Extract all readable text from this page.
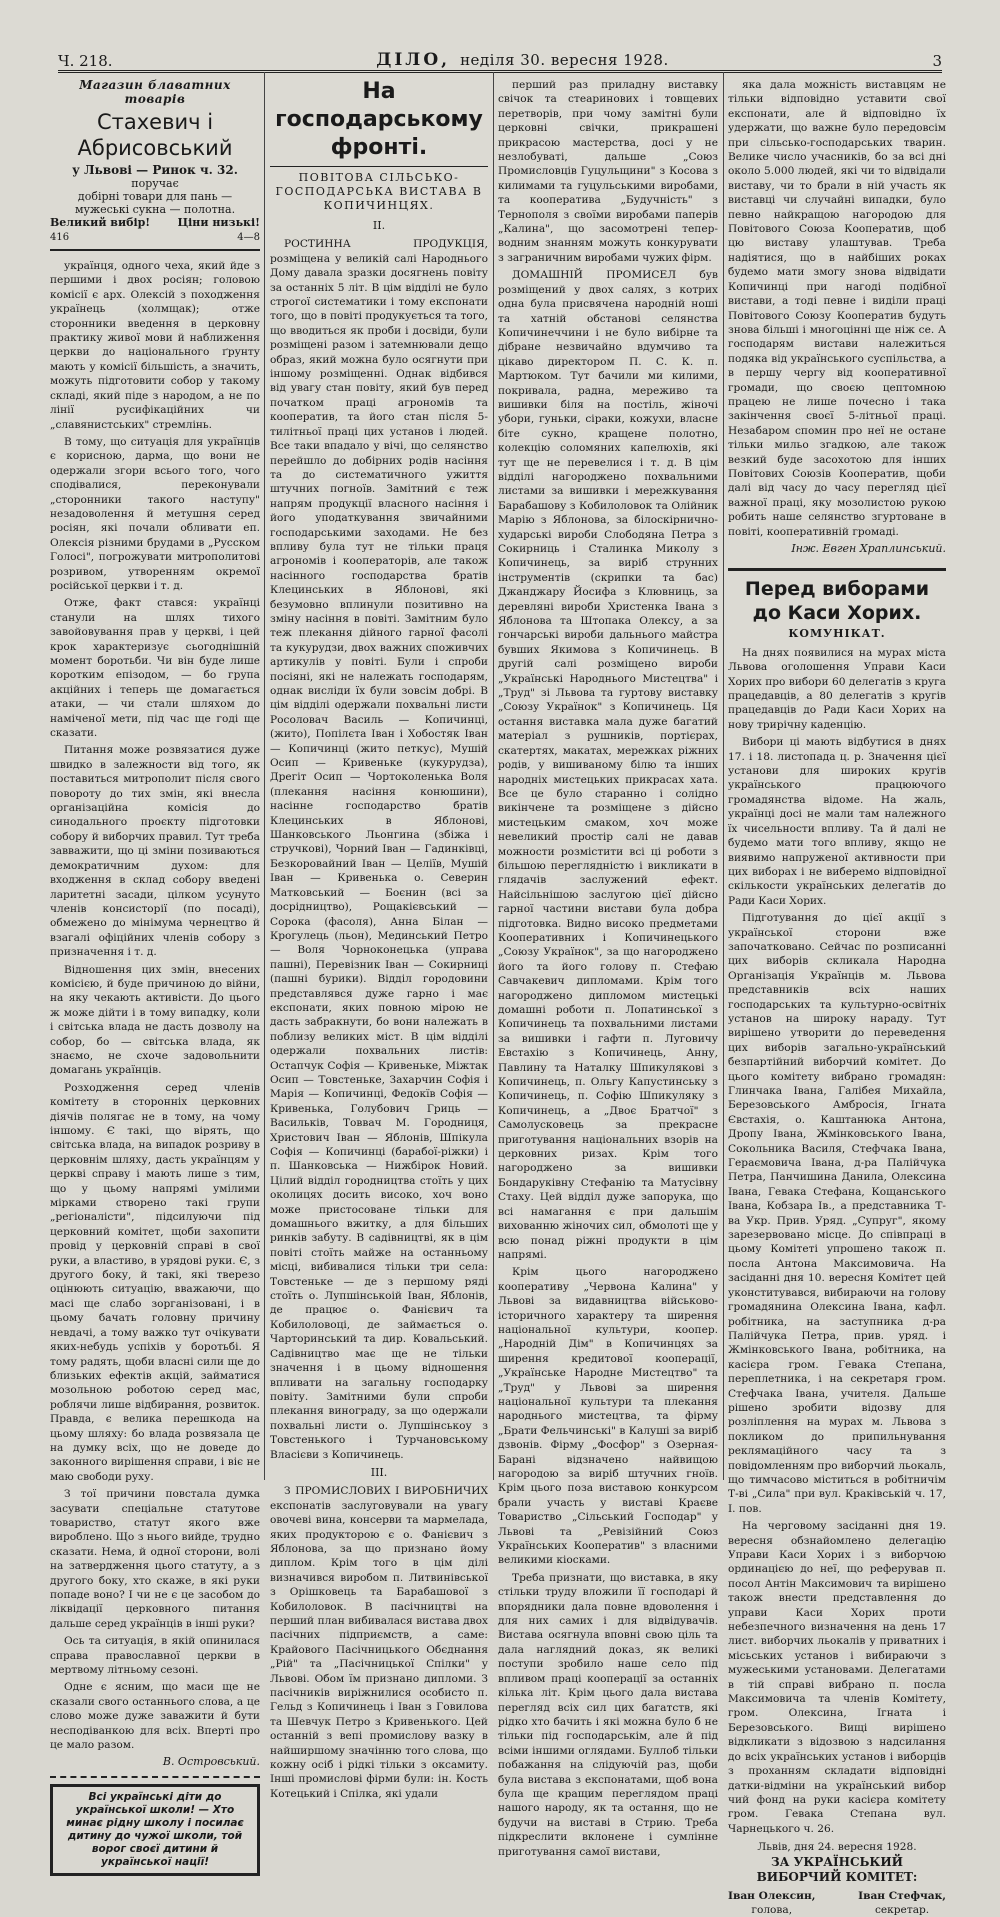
Ч. 218.	ДІЛО, неділя 30. вересня 1928.	3
Магазин блаватних товарів
Стахевич і Абрисовський
у Львові — Ринок ч. 32.
поручає
добірні товари для пань —
мужеські сукна — полотна.
Великий вибір! Ціни низькі!
416	4—8

українця, одного чеха, який йде з першими і двох росіян; головою комісії є арх. Олексій з походження українець (холмщак); отже сторонники введення в церковну практику живої мови й наближення церкви до національного ґрунту мають у комісії більшість, а значить, можуть підготовити собор у такому складі, який піде з народом, а не по лінії русифікаційних чи „славянистських" стремлінь.

В тому, що ситуація для українців є корисною, дарма, що вони не одержали згори всього того, чого сподівалися, переконували „сторонники такого наступу" незадоволення й метушня серед росіян, які почали обливати еп. Олексія різними брудами в „Русском Голосі", погрожувати митрополитові розривом, утворенням окремої російської церкви і т. д.

Отже, факт стався: українці станули на шлях тихого завойовування прав у церкві, і цей крок характеризує сьогоднішній момент боротьби. Чи він буде лише коротким епізодом, — бо група акційних і теперь ще домагається атаки, — чи стали шляхом до наміченої мети, під час ще годі ще сказати.

Питання може розвязатися дуже швидко в залежности від того, як поставиться митрополит після свого повороту до тих змін, які внесла організаційна комісія до синодального проєкту підготовки собору й виборчих правил. Тут треба завважити, що ці зміни позиваються демократичним духом: для входження в склад собору введені ларитетні засади, цілком усунуто членів консисторії (по посаді), обмежено до мінімума чернецтво й взагалі офіційних членів собору з призначення і т. д.

Відношення цих змін, внесених комісією, й буде причиною до війни, на яку чекають активісти. До цього ж може дійти і в тому випадку, коли і світська влада не дасть дозволу на собор, бо — світська влада, як знаємо, не схоче задовольнити домагань українців.

Розходження серед членів комітету в сторонніх церковних діячів полягає не в тому, на чому іншому. Є такі, що вірять, що світська влада, на випадок розриву в церковнім шляху, дасть українцям у церкві справу і мають лише з тим, що у цьому напрямі умілими мірками створено такі групи „регіоналісти", підсилуючи під церковний комітет, щоби захопити провід у церковній справі в свої руки, а властиво, в урядові руки. Є, з другого боку, й такі, які тверезо оцінюють ситуацію, вважаючи, що масі ще слабо зорганізовані, і в цьому бачать головну причину невдачі, а тому важко тут очікувати яких-небудь успіхів у боротьбі. Я тому радять, щоби власні сили ще до близьких ефектів акцій, займатися мозольною роботою серед мас, роблячи лише відбирання, розвиток. Правда, є велика перешкода на цьому шляху: бо влада розвязала це на думку всіх, що не доведе до законного вирішення справи, і віє не маю свободи руху.

З тої причини повстала думка засувати спеціальне статутове товариство, статут якого вже вироблено. Що з нього вийде, трудно сказати. Нема, й одної сторони, волі на затвердження цього статуту, а з другого боку, хто скаже, в які руки попаде воно? І чи не є це засобом до ліквідації церковного питання дальше серед українців в інші руки?

Ось та ситуація, в якій опинилася справа православної церкви в мертвому літньому сезоні.

Одне є ясним, що маси ще не сказали свого останнього слова, а це слово може дуже заважити й бути несподіванкою для всіх. Вперті про це мало разом.

В. Островський.
Всі українські діти до української школи! — Хто минає рідну школу і посилає дитину до чужої школи, той ворог своєї дитини й української нації!
На господарському фронті.
ПОВІТОВА СІЛЬСЬКО-ГОСПОДАРСЬКА ВИСТАВА В КОПИЧИНЦЯХ.
II.

РОСТИННА ПРОДУКЦІЯ, розміщена у великій салі Народнього Дому давала зразки досягнень повіту за останніх 5 літ. В цім відділі не було строгої систематики і тому експонати того, що в повіті продукується та того, що вводиться як проби і досвіди, були розміщені разом і затемнювали дещо образ, який можна було осягнути при іншому розміщенні. Однак відбився від увагу стан повіту, який був перед початком праці агрономів та кооператив, та його стан після 5-тилітньої праці цих установ і людей. Все таки впадало у вічі, що селянство перейшло до добірних родів насіння та до систематичного ужиття штучних погноїв. Замітний є теж напрям продукції власного насіння і його уподаткування звичайними господарськими заходами. Не без впливу була тут не тільки праця агрономів і кооператорів, але також насінного господарства братів Клецинських в Яблонові, які безумовно вплинули позитивно на зміну насіння в повіті. Замітним було теж плекання дійного гарної фасолі та кукурудзи, двох важних споживчих артикулів у повіті. Були і спроби посіяні, які не належать господарям, однак висліди їх були зовсім добрі. В цім відділі одержали похвальні листи Росоловач Василь — Копичинці, (жито), Попілєта Іван і Хобостяк Іван — Копичинці (жито петкус), Мушій Осип — Кривеньке (кукурудза), Дрегіт Осип — Чортоколенька Воля (плекання насіння конюшини), насінне господарство братів Клецинських в Яблонові, Шанковського Льонгина (збіжа і стручкові), Чорний Іван — Гадинківці, Безкоровайний Іван — Целіїв, Мушій Іван — Кривенька о. Северин Матковський — Боєнин (всі за досрідництво), Рощакієвський — Сорока (фасоля), Анна Білан — Крогулець (льон), Мединський Петро — Воля Чорноконецька (управа пашні), Перевізник Іван — Сокирниці (пашні бурики). Відділ городовини представлявся дуже гарно і має експонати, яких повною мірою не дасть забракнути, бо вони належать в поблизу великих міст. В цім відділі одержали похвальних листів: Остапчук Софія — Кривеньке, Міжтак Осип — Товстеньке, Захарчин Софія і Марія — Копичинці, Федокїв Софія — Кривенька, Голубович Гриць — Васильків, Товвач М. Городниця, Христович Іван — Яблонів, Шпікула Софія — Копичинці (барабої-ріжки) і п. Шанковська — Нижбірок Новий. Цілий відділ городництва стоїть у цих околицях досить високо, хоч воно може пристосоване тільки для домашнього вжитку, а для більших ринків забуту. В садівництві, як в цім повіті стоїть майже на останньому місці, вибивалися тільки три села: Товстеньке — де з першому ряді стоїть о. Лупшінськоій Іван, Яблонів, де працює о. Фанієвич та Кобилоловоці, де займається о. Чарторинський та дир. Ковальський. Садівництво має ще не тільки значення і в цьому відношення впливати на загальну господарку повіту. Замітними були спроби плекання винограду, за що одержали похвальні листи о. Лупшінськоу з Товстенького і Турчановському Власієви з Копичинець.

III.

З ПРОМИСЛОВИХ І ВИРОБНИЧИХ експонатів заслуговували на увагу овочеві вина, консерви та мармелада, яких продукторою є о. Фанієвич з Яблонова, за що признано йому диплом. Крім того в цім ділі визначився виробом п. Литвинівської з Орішковець та Барабашової з Кобилоловок. В пасічництві на перший план вибивалася вистава двох пасічних підприємств, а саме: Крайового Пасічницького Обєднання „Рій" та „Пасічницької Спілки" у Львові. Обом їм признано дипломи. З пасічників виріжнилися особисто п. Гельд з Копичинець і Іван з Говилова та Шевчук Петро з Кривенького. Цей останній з вепі промислову вазку в найширшому значінню того слова, що кожну осіб і рідкі тільки з оксамиту. Інші промислові фірми були: ін. Кость Котецький і Спілка, які удали

перший раз приладну виставку свічок та стеаринових і товщевих перетворів, при чому замітні були церковні свічки, прикрашені прикрасою мастерства, досі у не незлобуваті, дальше „Союз Промисловців Гуцульщини" з Косова з килимами та гуцульськими виробами, та кооператива „Будучність" з Тернополя з своїми виробами паперів „Калина", що засомотрені тепер-водним знанням можуть конкурувати з заграничним виробами чужих фірм.

ДОМАШНІЙ ПРОМИСЕЛ був розміщений у двох салях, з котрих одна була присвячена народній ноші та хатній обстанові селянства Копичинеччини і не було вибірне та дібране незвичайно вдумчиво та цікаво директором П. С. К. п. Мартюком. Тут бачили ми килими, покривала, радна, мереживо та вишивки біля на постіль, жіночі убори, гуньки, сіраки, кожухи, власне біте сукно, кращене полотно, колекцію соломяних капелюхів, які тут ще не перевелися і т. д. В цім відділі нагороджено похвальними листами за вишивки і мережкування Барабашову з Кобилоловок та Олійник Марію з Яблонова, за білоскірнично-хударські вироби Слободяна Петра з Сокирниць і Сталинка Миколу з Копичинець, за виріб струнних інструментів (скрипки та бас) Джанджару Йосифа з Клювниць, за деревляні вироби Христенка Івана з Яблонова та Штопака Олексу, а за гончарські вироби дальнього майстра бувших Якимова з Копичинець. В другій салі розміщено вироби „Українські Народнього Мистецтва" і „Труд" зі Львова та гуртову виставку „Союзу Українок" з Копичинець. Ця остання виставка мала дуже багатий матеріал з рушників, портієрах, скатертях, макатах, мережках ріжних родів, у вишиваному білю та інших народніх мистецьких прикрасах хата. Все це було старанно і солідно викінчене та розміщене з дійсно мистецьким смаком, хоч може невеликий простір салі не давав можности розмістити всі ці роботи з більшою переглядністю і викликати в глядачів заслужений ефект. Найсільнішою заслугою цієї дійсно гарної частини вистави була добра підготовка. Видно високо предметами Кооперативних і Копичинецького „Союзу Українок", за що нагороджено його та його голову п. Стефаю Савчакевич дипломами. Крім того нагороджено дипломом мистецькі домашні роботи п. Лопатинської з Копичинець та похвальними листами за вишивки і гафти п. Луговичу Евстахію з Копичинець, Анну, Павлину та Наталку Шпикулякові з Копичинець, п. Ольгу Капустинську з Копичинець, п. Софію Шпикуляку з Копичинець, а „Двоє Братчої" з Самолусковець за прекрасне приготування національних взорів на церковних ризах. Крім того нагороджено за вишивки Бондаруківну Стефанію та Матусівну Стаху. Цей відділ дуже запорука, що всі намагання є при дальшім вихованню жіночих сил, обмолоті ще у всю понад ріжні продукти в цім напрямі.

Крім цього нагороджено кооперативу „Червона Калина" у Львові за видавництва військово-історичного характеру та ширення національної культури, коопер. „Народній Дім" в Копичинцях за ширення кредитової кооперації, „Українське Народне Мистецтво" та „Труд" у Львові за ширення національної культури та плекання народнього мистецтва, та фірму „Брати Фельчинські" в Калуші за виріб дзвонів. Фірму „Фосфор" з Озерная-Барані відзначено найвищою нагородою за виріб штучних гноїв. Крім цього поза виставою конкурсом брали участь у виставі Краєве Товариство „Сільський Господар" у Львові та „Ревізійний Союз Українських Кооператив" з власними великими кіосками.

Треба признати, що виставка, в яку стільки труду вложили її господарі й впорядники дала повне вдоволення і для них самих і для відвідувачів. Вистава осягнула вповні свою ціль та дала наглядний доказ, як великі поступи зробило наше село під впливом праці кооперації за останніх кілька літ. Крім цього дала вистава перегляд всіх сил цих багатств, які рідко хто бачить і які можна було б не тільки під господарськім, але й під всіми іншими оглядами. Буллоб тільки побажання на слідуючій раз, щоби була вистава з експонатами, щоб вона була ще кращим переглядом праці нашого народу, як та остання, що не будучи на виставі в Стрию. Треба підкреслити вклонене і сумлінне приготування самої вистави,

яка дала можність виставцям не тільки відповідно уставити свої експонати, але й відповідно їх удержати, що важне було передовсім при сільсько-господарських тварин. Велике число учасників, бо за всі дні около 5.000 людей, які чи то відвідали виставу, чи то брали в ній участь як виставці чи случайні випадки, було певно найкращою нагородою для Повітового Союза Кооператив, щоб цю виставу улаштував. Треба надіятися, що в найбіших роках будемо мати змогу знова відвідати Копичинці при нагоді подібної вистави, а тоді певне і виділи праці Повітового Союзу Кооператив будуть знова більші і многоцінні ще ніж се. А господарям вистави належиться подяка від українського суспільства, а в першу чергу від кооперативної громади, що своєю цептомною працею не лише почесно і така закінчення своєї 5-літньої праці. Незабаром спомин про неї не остане тільки мильо згадкою, але також везкий буде засохотою для інших Повітових Союзів Кооператив, щоби далі від часу до часу перегляд цієї важної праці, яку мозолистою рукою робить наше селянство згуртоване в повіті, кооперативній громаді.

Інж. Евген Храплинський.
Перед виборами до Каси Хорих.
КОМУНІКАТ.

На днях появилися на мурах міста Львова оголошення Управи Каси Хорих про вибори 60 делегатів з круга працедавців, а 80 делегатів з кругів працедавців до Ради Каси Хорих на нову трирічну каденцію.

Вибори ці мають відбутися в днях 17. і 18. листопада ц. р. Значення цієї установи для широких кругів українського працюючого громадянства відоме. На жаль, українці досі не мали там належного їх чисельности впливу. Та й далі не будемо мати того впливу, якщо не виявимо напруженої активности при цих виборах і не виберемо відповідної скількости українських делегатів до Ради Каси Хорих.

Підготування до цієї акції з української сторони вже започатковано. Сейчас по розписанні цих виборів скликала Народна Організація Українців м. Львова представників всіх наших господарських та культурно-освітніх установ на широку нараду. Тут вирішено утворити до переведення цих виборів загально-український безпартійний виборчий комітет. До цього комітету вибрано громадян: Глинчака Івана, Галібея Михайла, Березовського Амбросія, Ігната Євстахія, о. Каштанюка Антона, Дропу Івана, Жмінковського Івана, Сокольника Василя, Стефчака Івана, Гераємовича Івана, д-ра Палійчука Петра, Панчишина Данила, Олексина Івана, Гевака Стефана, Кощанського Івана, Кобзара Ів., а представника Т-ва Укр. Прив. Уряд. „Супруг", якому зарезервовано місце. До співпраці в цьому Комітеті упрошено також п. посла Антона Максимовича. На засіданні дня 10. вересня Комітет цей уконститувався, вибираючи на голову громадянина Олексина Івана, кафл. робітника, на заступника д-ра Палійчука Петра, прив. уряд. і Жмінковського Івана, робітника, на касієра гром. Гевака Степана, переплетника, і на секретаря гром. Стефчака Івана, учителя. Дальше рішено зробити відозву для розліплення на мурах м. Львова з покликом до припильнування реклямаційного часу та з повідомленням про виборчий льокаль, що тимчасово міститься в робітничім Т-ві „Сила" при вул. Краківській ч. 17, I. пов.

На черговому засіданні дня 19. вересня обзнайомлено делегацію Управи Каси Хорих і з виборчою ординацією до неї, що реферував п. посол Антін Максимович та вирішено також внести представлення до управи Каси Хорих проти небезпечного визначення на день 17 лист. виборчих льокалів у приватних і місьських установ і вибираючи з мужеськими установами. Делегатами в тій справі вибрано п. посла Максимовича та членів Комітету, гром. Олексина, Ігната і Березовського. Вищі вирішено відкликати з відозвою з надсилання до всіх українських установ і виборців з проханням складати відповідні датки-відміни на український вибор чий фонд на руки касієра комітету гром. Гевака Степана вул. Чарнецького ч. 26.

Львів, дня 24. вересня 1928.
ЗА УКРАЇНСЬКИЙ ВИБОРЧИЙ КОМІТЕТ:
Іван Олексин,
голова,
Іван Стефчак,
секретар.
